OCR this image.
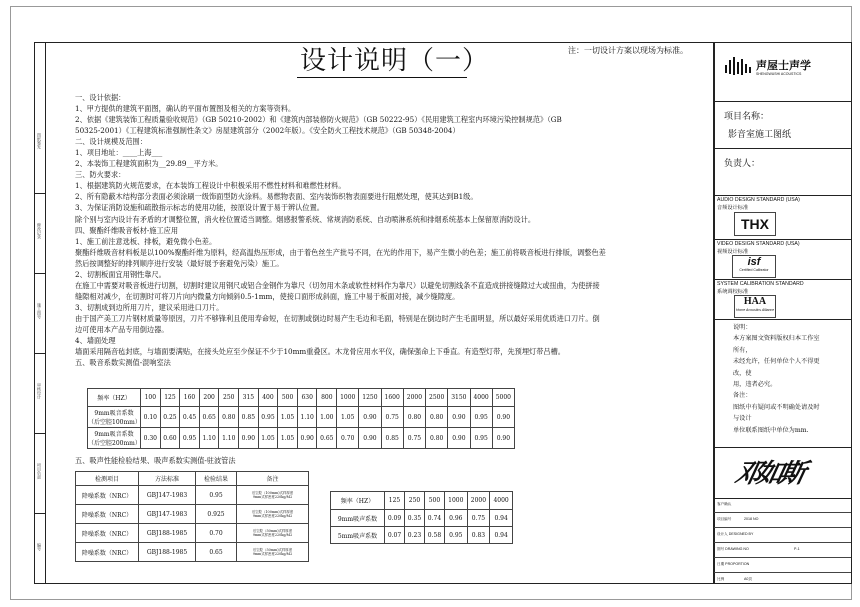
图纸签发
修改记录
施工图号
审核设计
项目负责
编号
注：一切设计方案以现场为标准。
设计说明（一）
一、设计依据：
1、甲方提供的建筑平面图，确认的平面布置图及相关的方案等资料。
2、依据《建筑装饰工程质量验收规范》（GB 50210-2002）和《建筑内部装修防火规范》（GB 50222-95）《民用建筑工程室内环境污染控制规范》（GB
50325-2001）《工程建筑标准强制性条文》房屋建筑部分（2002年版）。《安全防火工程技术规范》（GB 50348-2004）
二、设计规模及范围：
1、项目地址：____上海___
2、本装饰工程建筑面积为__29.89__平方米。
三、防火要求：
1、根据建筑防火规范要求，在本装饰工程设计中积极采用不燃性材料和难燃性材料。
2、所有隐蔽木结构部分表面必须涂刷一级饰面型防火涂料。易燃物表面、室内装饰织物表面要进行阻燃处理，使其达到B1级。
3、为保证消防设施和疏散指示标志的使用功能，按原设计置于易于辨认位置。
除个别与室内设计有矛盾的才调整位置，消火栓位置适当调整。烟感报警系统、常规消防系统、自动喷淋系统和排烟系统基本上保留原消防设计。
四、聚酯纤维吸音板材-施工应用
1、施工前注意选板、排板，避免微小色差。
聚酯纤维吸音材料板是以100%聚酯纤维为原料，经高温热压形成，由于着色丝生产批号不同，在光的作用下，易产生微小的色差；施工前将吸音板进行排版，调整色差
然后按调整好的排列顺序进行安装（最好展予套避免污染）施工。
2、切割板面宜用钢性靠尺。
在施工中需要对吸音板进行切割，切割时建议用钢尺或铝合金钢作为靠尺（切勿用木条或软性材料作为靠尺）以避免切割线条不直造成拼接缝隙过大或扭曲，为使拼接
缝隙相对减少，在切割时可将刀片向内微量方向倾斜0.5-1mm，使接口面形成斜面，施工中易于板面对接，减少缝隙度。
3、切割成到边所用刀片，建议采用进口刀片。
由于国产美工刀片钢材质量等原因，刀片不够锋利且使用寿命短，在切割或倒边时易产生毛边和毛面，特别是在倒边时产生毛面明显，所以最好采用优质进口刀片。倒
边可使用本产品专用倒边器。
4、墙面处理
墙面采用隔音毡封底，与墙面要满贴，在接头处应至少保证不少于10mm重叠区。木龙骨应用水平仪，确保强命上下垂直。有造型灯带，先预埋灯带吕槽。
五、吸音系数实测值-混响室法
频率（HZ）	100	125	160	200	250	315	400	500	630	800	1000	1250	1600	2000	2500	3150	4000	5000
9mm吸音系数
（后空腔100mm）	0.10	0.25	0.45	0.65	0.80	0.85	0.95	1.05	1.10	1.00	1.05	0.90	0.75	0.80	0.80	0.90	0.95	0.90
9mm吸音系数
（后空腔200mm）	0.30	0.60	0.95	1.10	1.10	0.90	1.05	1.05	0.90	0.65	0.70	0.90	0.85	0.75	0.80	0.90	0.95	0.90
五、吸声性能检验结果、吸声系数实测值-驻波管法
检测项目	方法标准	检验结果	备注
降噪系数（NRC）	GBJ147-1983	0.95	后空腔（100mm)式样厚度
9mm式样密度220kg/M2
降噪系数（NRC）	GBJ147-1983	0.925	后空腔（100mm)式样厚度
9mm式样密度220kg/M2
降噪系数（NRC）	GBJ188-1985	0.70	后空腔（50mm)式样厚度
9mm式样密度220kg/M2
降噪系数（NRC）	GBJ188-1985	0.65	后空腔（50mm)式样厚度
9mm式样密度220kg/M2
频率（HZ）	125	250	500	1000	2000	4000
9mm吸声系数	0.09	0.35	0.74	0.96	0.75	0.94
5mm吸声系数	0.07	0.23	0.58	0.95	0.83	0.94
声屋士声学
SHENGWUSHI ACOUSTICS
项目名称：
影音室施工图纸
负责人：
AUDIO DESIGN STANDARD (USA)
音频设计标准
THX
VIDEO DESIGN STANDARD (USA)
视频设计标准
isf
Certified Calibrator
SYSTEM CALIBRATION STANDARD
系统调校标准
HAA
Home Acoustics Alliance
说明：
本方案图文资料版权归本工作室
所有，
未经允许，任何单位个人不得更
改，使
用，违者必究。
备注：
图纸中有疑问或不明确处请及时
与设计
单位联系图纸中单位为mm.
邓如斯
客户确认
项目编号	2018 NO
设计人 DESIGNED BY
图号 DRAWING NO	P-1
日期 PROPORTION
比例	A0页
